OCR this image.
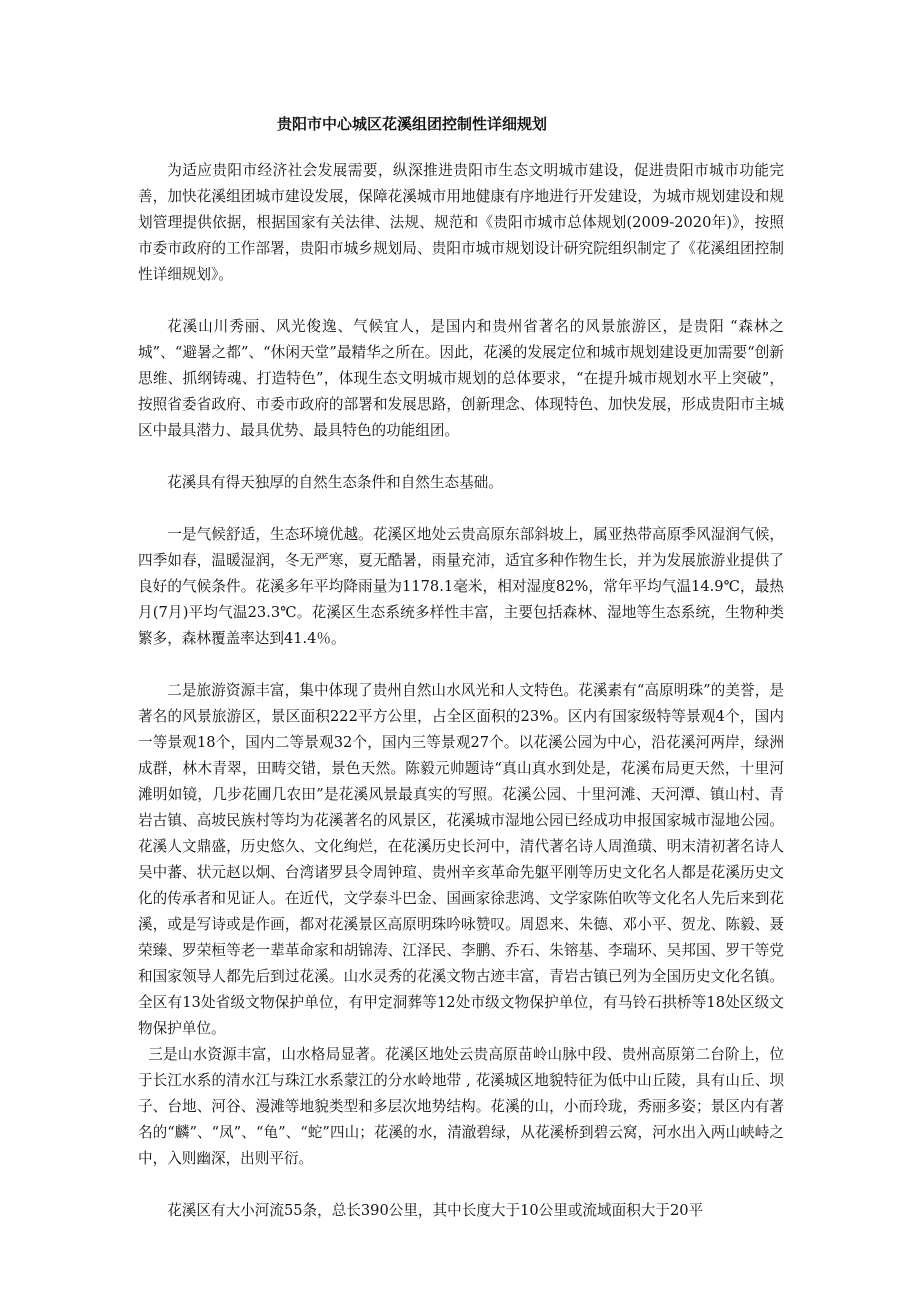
贵阳市中心城区花溪组团控制性详细规划

为适应贵阳市经济社会发展需要，纵深推进贵阳市生态文明城市建设，促进贵阳市城市功能完善，加快花溪组团城市建设发展，保障花溪城市用地健康有序地进行开发建设，为城市规划建设和规划管理提供依据，根据国家有关法律、法规、规范和《贵阳市城市总体规划(2009-2020年)》，按照市委市政府的工作部署，贵阳市城乡规划局、贵阳市城市规划设计研究院组织制定了《花溪组团控制性详细规划》。

花溪山川秀丽、风光俊逸、气候宜人，是国内和贵州省著名的风景旅游区，是贵阳 “森林之城”、“避暑之都”、“休闲天堂”最精华之所在。因此，花溪的发展定位和城市规划建设更加需要“创新思维、抓纲铸魂、打造特色”，体现生态文明城市规划的总体要求，“在提升城市规划水平上突破”，按照省委省政府、市委市政府的部署和发展思路，创新理念、体现特色、加快发展，形成贵阳市主城区中最具潜力、最具优势、最具特色的功能组团。

花溪具有得天独厚的自然生态条件和自然生态基础。

一是气候舒适，生态环境优越。花溪区地处云贵高原东部斜坡上，属亚热带高原季风湿润气候，四季如春，温暖湿润，冬无严寒，夏无酷暑，雨量充沛，适宜多种作物生长，并为发展旅游业提供了良好的气候条件。花溪多年平均降雨量为1178.1毫米，相对湿度82%，常年平均气温14.9℃，最热月(7月)平均气温23.3℃。花溪区生态系统多样性丰富，主要包括森林、湿地等生态系统，生物种类繁多，森林覆盖率达到41.4％。

二是旅游资源丰富，集中体现了贵州自然山水风光和人文特色。花溪素有“高原明珠”的美誉，是著名的风景旅游区，景区面积222平方公里，占全区面积的23%。区内有国家级特等景观4个，国内一等景观18个，国内二等景观32个，国内三等景观27个。以花溪公园为中心，沿花溪河两岸，绿洲成群，林木青翠，田畴交错，景色天然。陈毅元帅题诗“真山真水到处是，花溪布局更天然，十里河滩明如镜，几步花圃几农田”是花溪风景最真实的写照。花溪公园、十里河滩、天河潭、镇山村、青岩古镇、高坡民族村等均为花溪著名的风景区，花溪城市湿地公园已经成功申报国家城市湿地公园。花溪人文鼎盛，历史悠久、文化绚烂，在花溪历史长河中，清代著名诗人周渔璜、明末清初著名诗人吴中蕃、状元赵以炯、台湾诸罗县令周钟瑄、贵州辛亥革命先躯平刚等历史文化名人都是花溪历史文化的传承者和见证人。在近代，文学泰斗巴金、国画家徐悲鸿、文学家陈伯吹等文化名人先后来到花溪，或是写诗或是作画，都对花溪景区高原明珠吟咏赞叹。周恩来、朱德、邓小平、贺龙、陈毅、聂荣臻、罗荣桓等老一辈革命家和胡锦涛、江泽民、李鹏、乔石、朱镕基、李瑞环、吴邦国、罗干等党和国家领导人都先后到过花溪。山水灵秀的花溪文物古迹丰富，青岩古镇已列为全国历史文化名镇。全区有13处省级文物保护单位，有甲定洞葬等12处市级文物保护单位，有马铃石拱桥等18处区级文物保护单位。

三是山水资源丰富，山水格局显著。花溪区地处云贵高原苗岭山脉中段、贵州高原第二台阶上，位于长江水系的清水江与珠江水系蒙江的分水岭地带 , 花溪城区地貌特征为低中山丘陵，具有山丘、坝子、台地、河谷、漫滩等地貌类型和多层次地势结构。花溪的山，小而玲珑，秀丽多姿；景区内有著名的“麟”、“凤”、“龟”、“蛇”四山；花溪的水，清澈碧绿，从花溪桥到碧云窝，河水出入两山峡峙之中，入则幽深，出则平衍。

花溪区有大小河流55条，总长390公里，其中长度大于10公里或流域面积大于20平
